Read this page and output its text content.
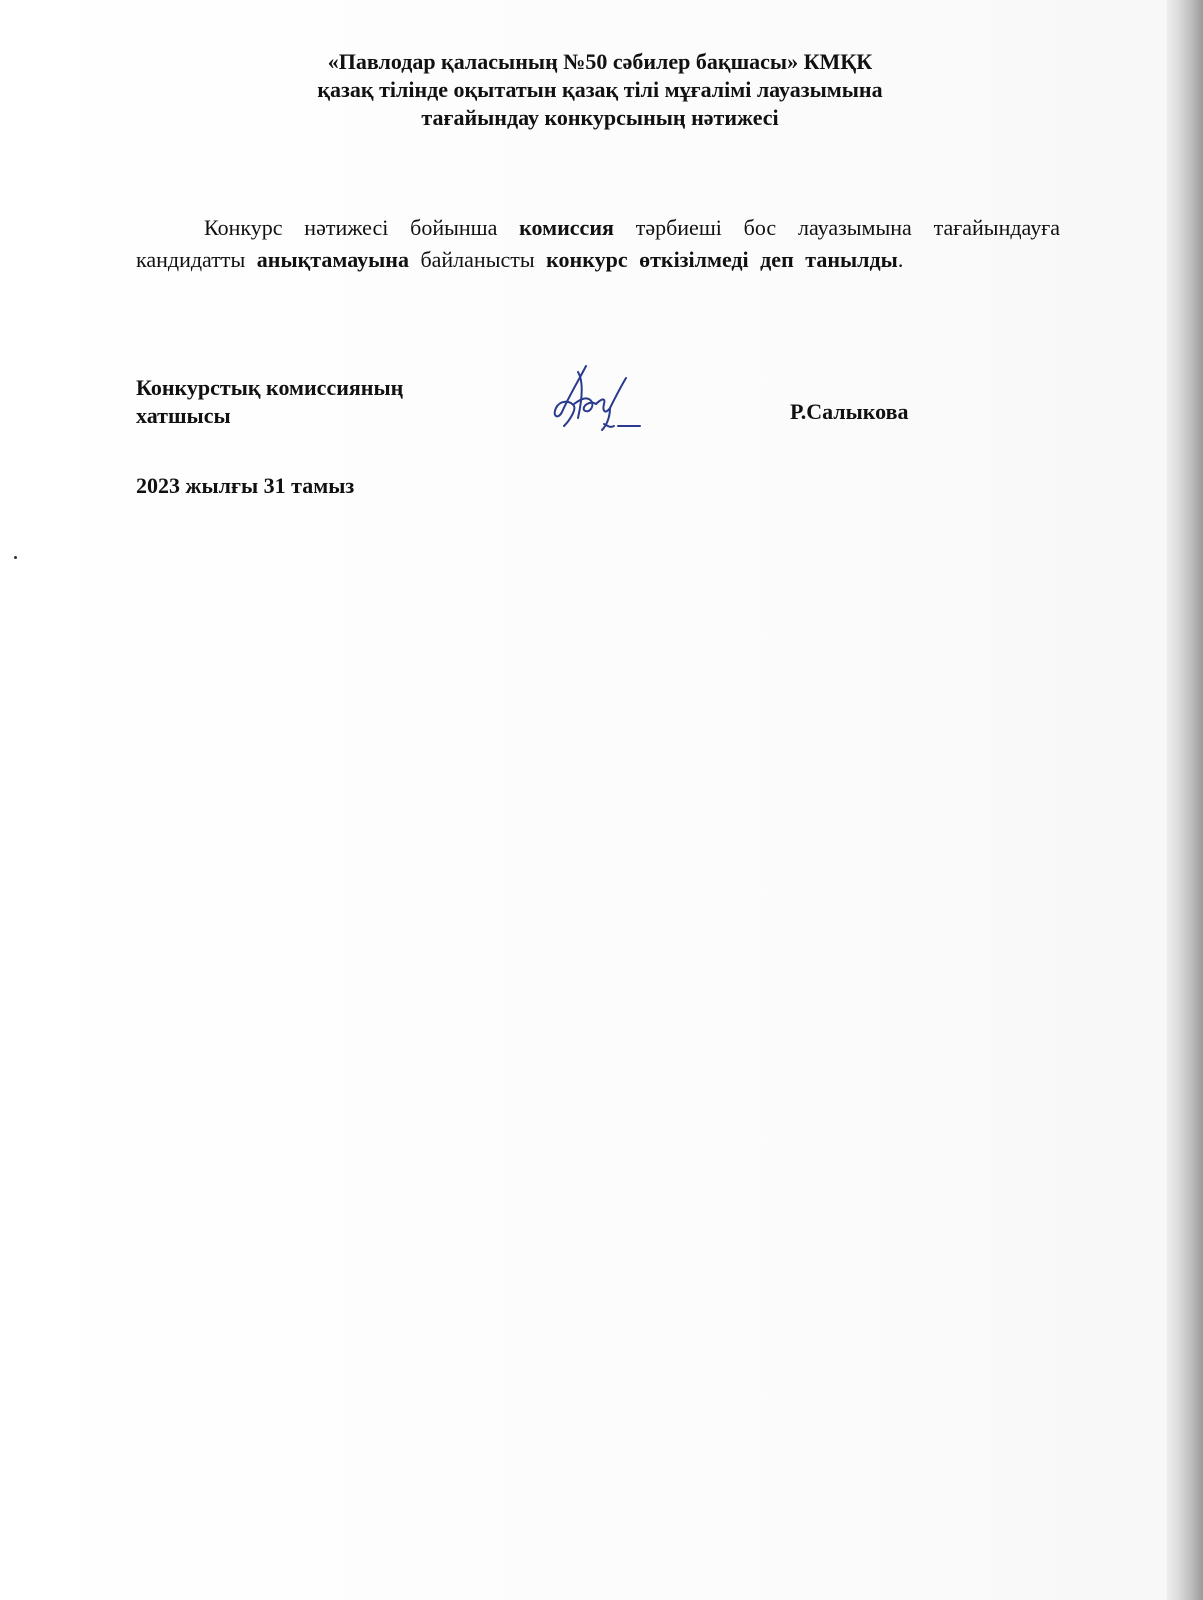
«Павлодар қаласының №50 сәбилер бақшасы» КМҚК
қазақ тілінде оқытатын қазақ тілі мұғалімі лауазымына
тағайындау конкурсының нәтижесі
Конкурс нәтижесі бойынша комиссия тәрбиеші бос лауазымына тағайындауға кандидатты анықтамауына байланысты конкурс өткізілмеді деп танылды.
Конкурстық комиссияның
хатшысы	Р.Салыкова
2023 жылғы 31 тамыз
